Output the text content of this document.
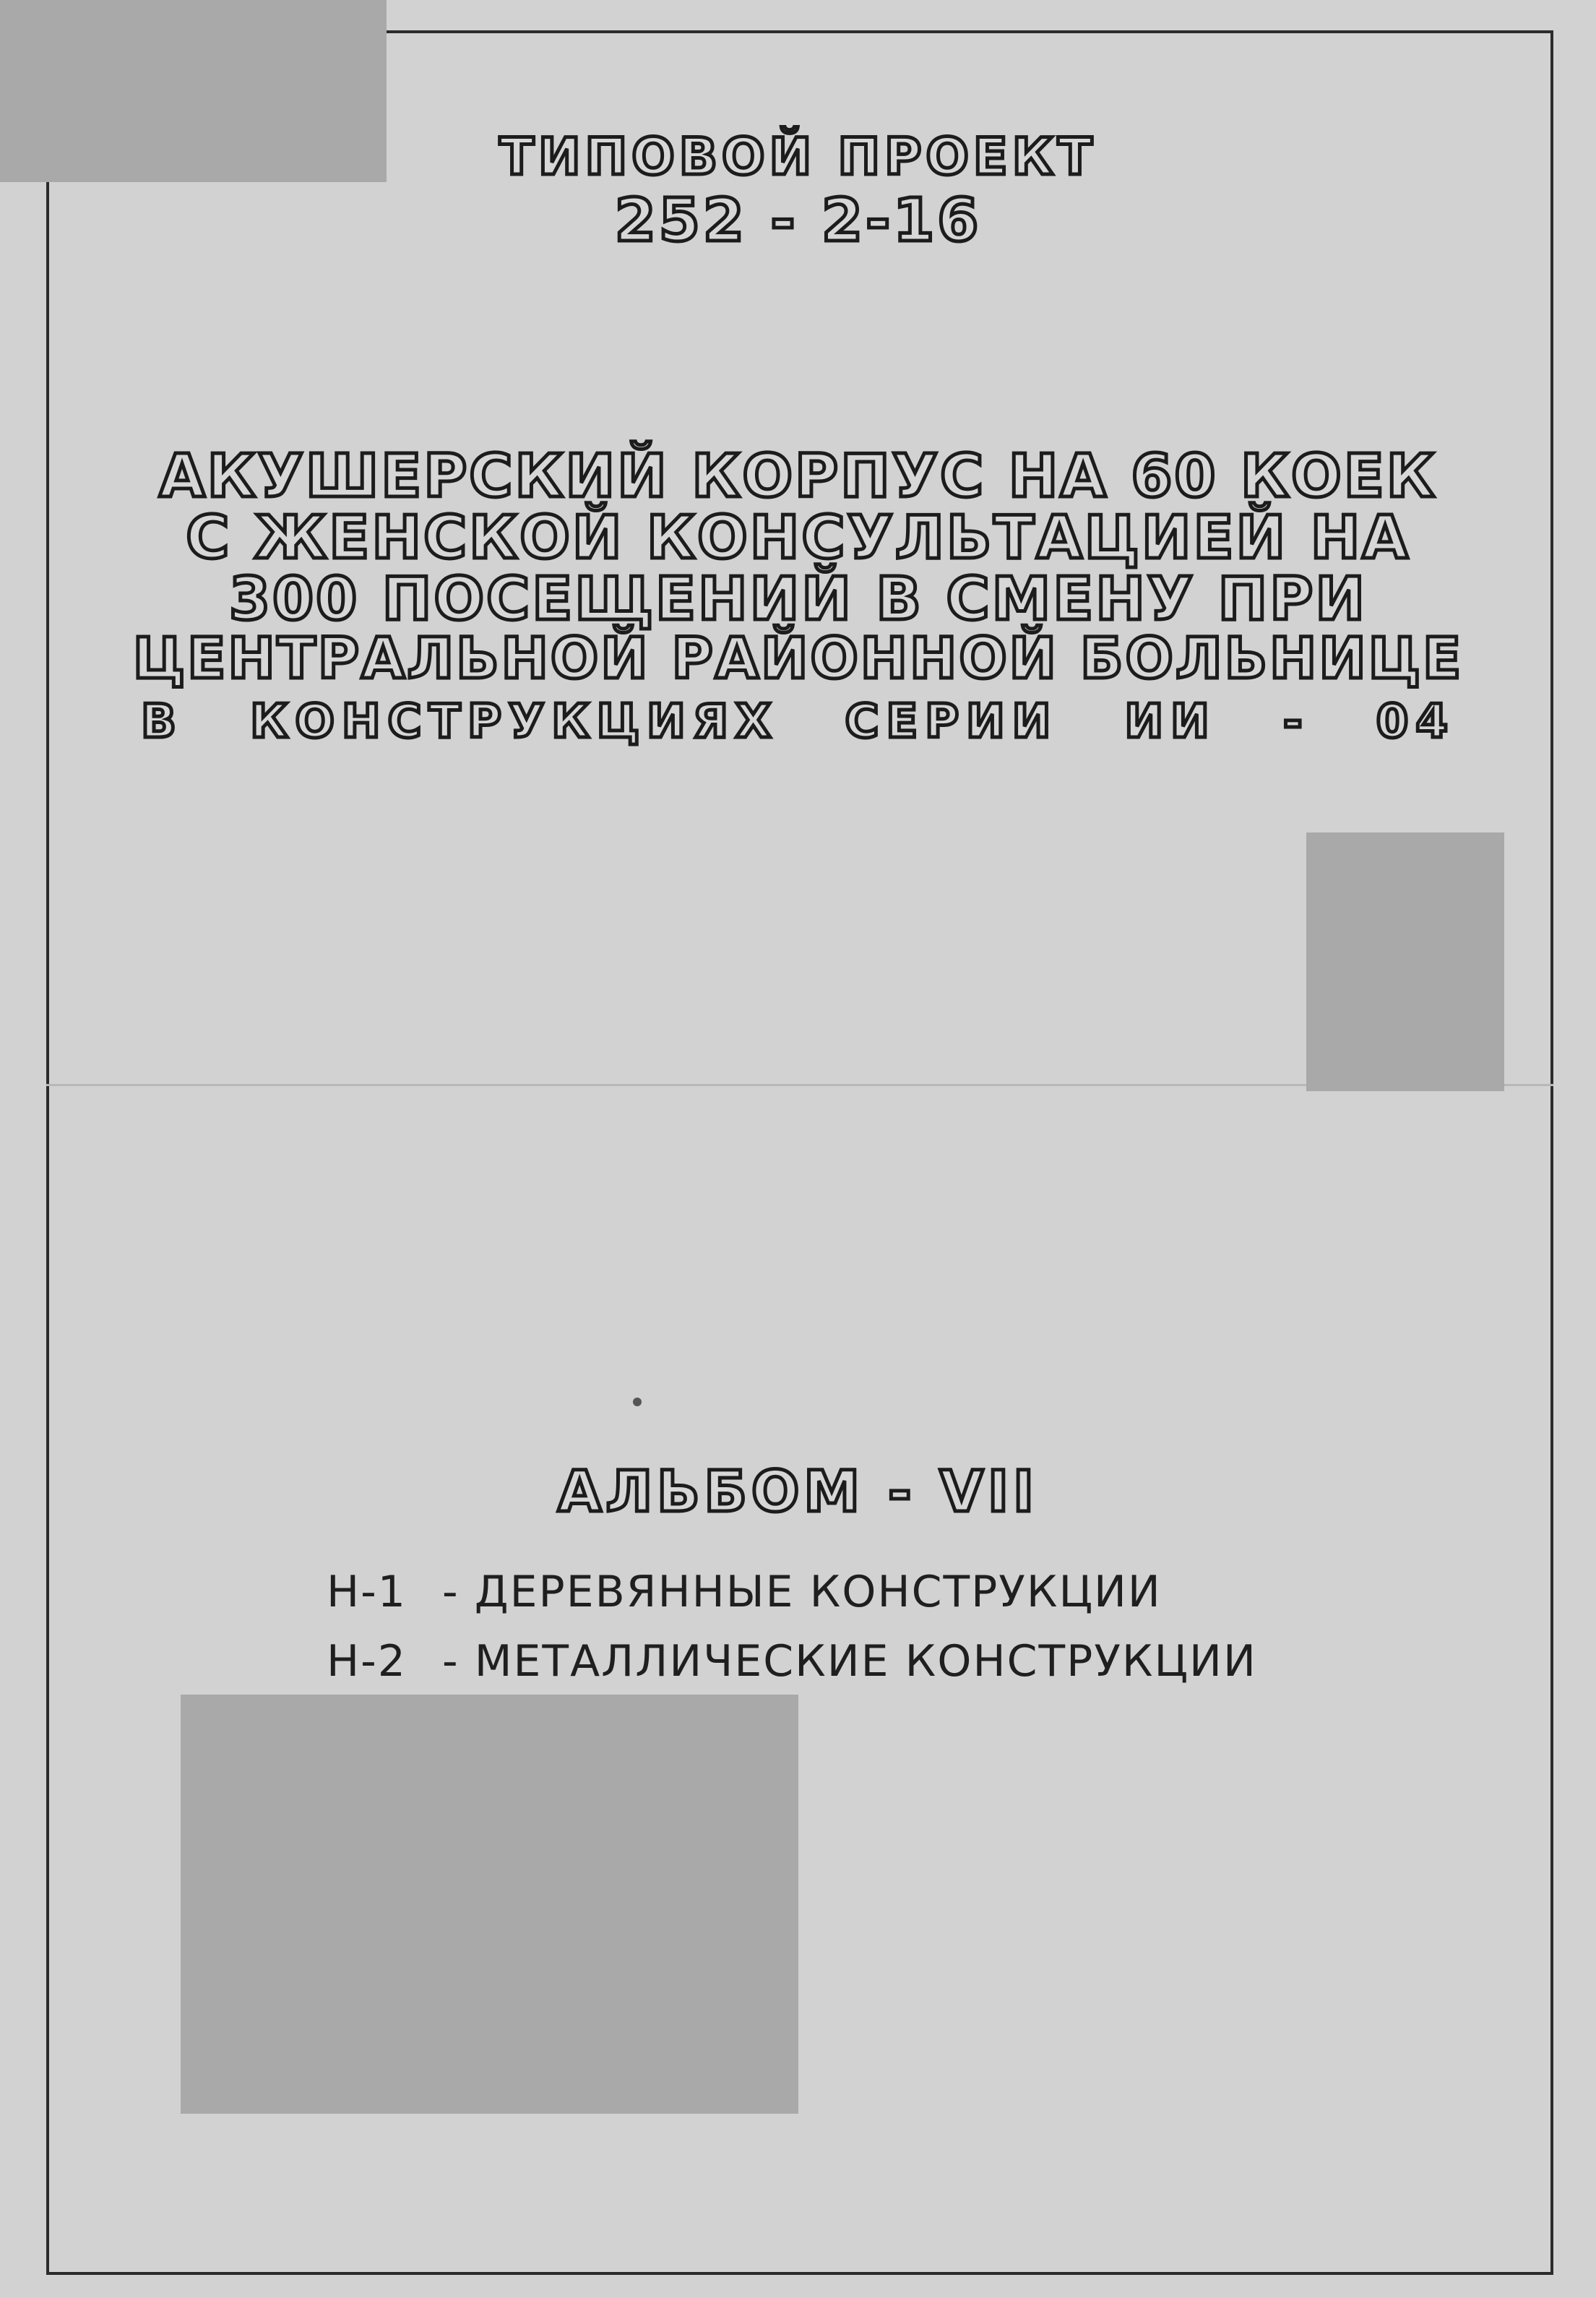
ТИПОВОЙ ПРОЕКТ
252 - 2-16
АКУШЕРСКИЙ КОРПУС НА 60 КОЕК
С ЖЕНСКОЙ КОНСУЛЬТАЦИЕЙ НА
300 ПОСЕЩЕНИЙ В СМЕНУ ПРИ
ЦЕНТРАЛЬНОЙ РАЙОННОЙ БОЛЬНИЦЕ
В КОНСТРУКЦИЯХ СЕРИИ ИИ - 04
АЛЬБОМ - VII
Н-1 - ДЕРЕВЯННЫЕ КОНСТРУКЦИИ
Н-2 - МЕТАЛЛИЧЕСКИЕ КОНСТРУКЦИИ
